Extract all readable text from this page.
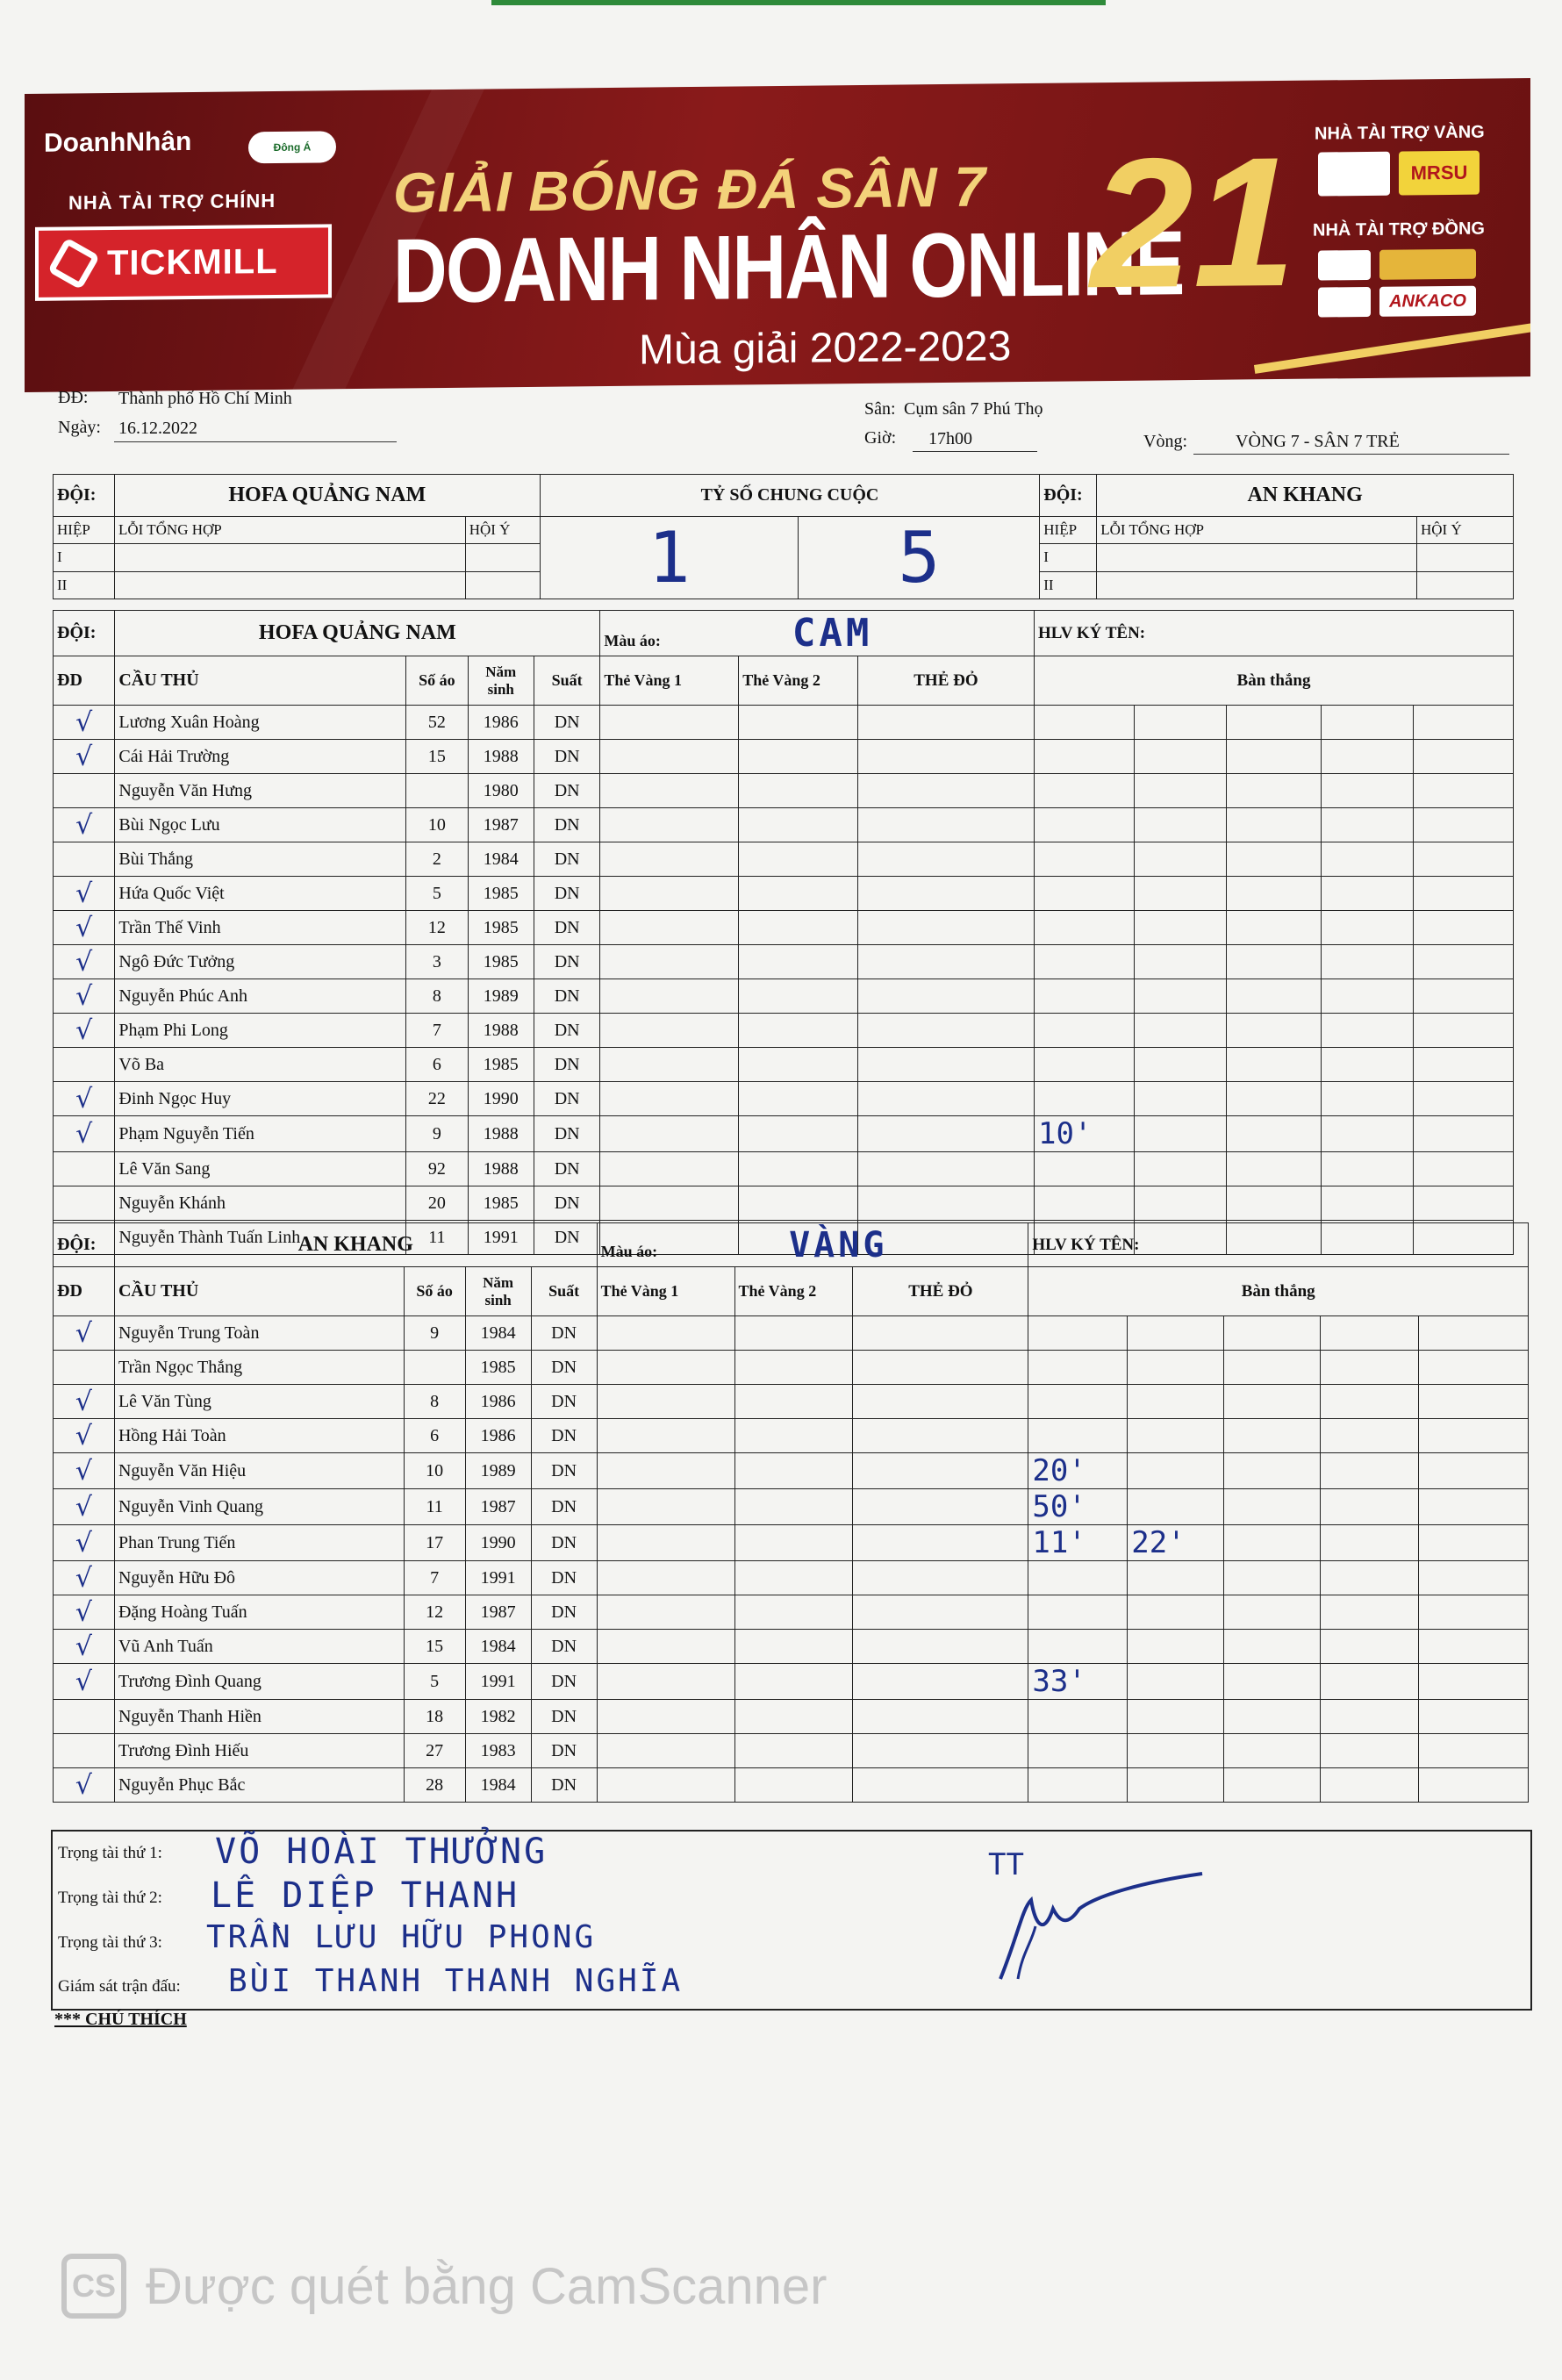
DoanhNhân	Đông Á
NHÀ TÀI TRỢ CHÍNH
TICKMILL
GIẢI BÓNG ĐÁ SÂN 7
DOANH NHÂN ONLINE
Mùa giải 2022-2023
21 NHÀ TÀI TRỢ VÀNG
MRSU
NHÀ TÀI TRỢ ĐỒNG
ANKACO
ĐĐ: Thành phố Hồ Chí Minh
Ngày: 16.12.2022
Sân: Cụm sân 7 Phú Thọ
Giờ: 17h00	Vòng:	VÒNG 7 - SÂN 7 TRẺ
ĐỘI:	HOFA QUẢNG NAM		TỶ SỐ CHUNG CUỘC		ĐỘI:	AN KHANG	
HIỆP	LỖI TỔNG HỢP	HỘI Ý	1	5	HIỆP	LỖI TỔNG HỢP	HỘI Ý
I					I		
II					II		
ĐỘI:	HOFA QUẢNG NAM				Màu áo: CAM			HLV KÝ TÊN:				
ĐD	CẦU THỦ	Số áo	Năm sinh	Suất	Thẻ Vàng 1	Thẻ Vàng 2	THẺ ĐỎ	Bàn thắng				
√	Lương Xuân Hoàng	52	1986	DN								
√	Cái Hải Trường	15	1988	DN								
	Nguyễn Văn Hưng		1980	DN								
√	Bùi Ngọc Lưu	10	1987	DN								
	Bùi Thắng	2	1984	DN								
√	Hứa Quốc Việt	5	1985	DN								
√	Trần Thế Vinh	12	1985	DN								
√	Ngô Đức Tưởng	3	1985	DN								
√	Nguyễn Phúc Anh	8	1989	DN								
√	Phạm Phi Long	7	1988	DN								
	Võ Ba	6	1985	DN								
√	Đinh Ngọc Huy	22	1990	DN								
√	Phạm Nguyễn Tiến	9	1988	DN				10'				
	Lê Văn Sang	92	1988	DN								
	Nguyễn Khánh	20	1985	DN								
	Nguyễn Thành Tuấn Linh	11	1991	DN								
ĐỘI:	AN KHANG				Màu áo: VÀNG			HLV KÝ TÊN:				
ĐD	CẦU THỦ	Số áo	Năm sinh	Suất	Thẻ Vàng 1	Thẻ Vàng 2	THẺ ĐỎ	Bàn thắng				
√	Nguyễn Trung Toàn	9	1984	DN								
	Trần Ngọc Thắng		1985	DN								
√	Lê Văn Tùng	8	1986	DN								
√	Hồng Hải Toàn	6	1986	DN								
√	Nguyễn Văn Hiệu	10	1989	DN				20'				
√	Nguyễn Vinh Quang	11	1987	DN				50'				
√	Phan Trung Tiến	17	1990	DN				11'	22'			
√	Nguyễn Hữu Đô	7	1991	DN								
√	Đặng Hoàng Tuấn	12	1987	DN								
√	Vũ Anh Tuấn	15	1984	DN								
√	Trương Đình Quang	5	1991	DN				33'				
	Nguyễn Thanh Hiền	18	1982	DN								
	Trương Đình Hiếu	27	1983	DN								
√	Nguyễn Phục Bắc	28	1984	DN								
Trọng tài thứ 1: VÕ HOÀI THƯỞNG
Trọng tài thứ 2: LÊ DIỆP THANH
Trọng tài thứ 3: TRẦN LƯU HỮU PHONG
Giám sát trận đấu: BÙI THANH THANH NGHĨA
TT
*** CHÚ THÍCH
CS Được quét bằng CamScanner
